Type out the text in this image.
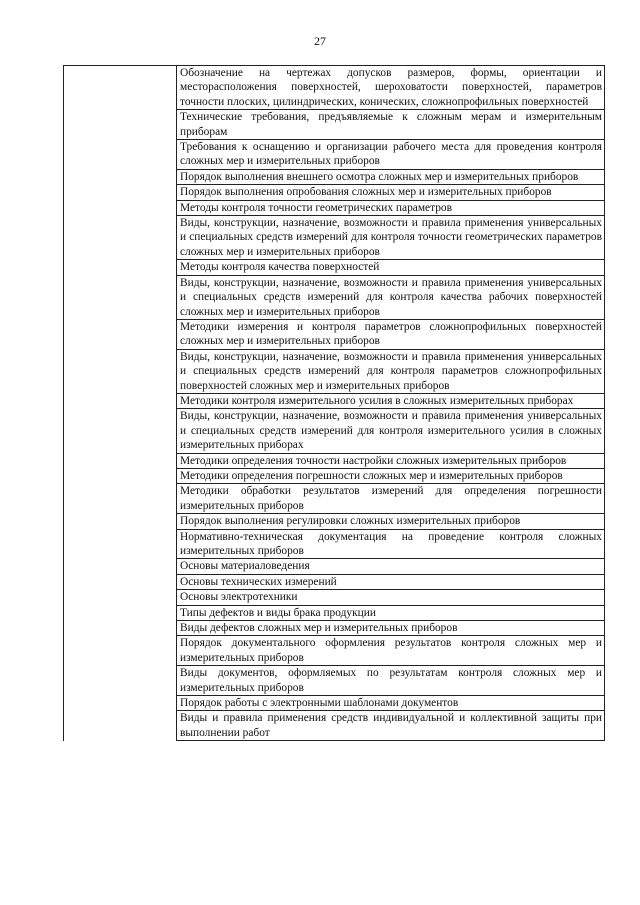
27
	Обозначение на чертежах допусков размеров, формы, ориентации и месторасположения поверхностей, шероховатости поверхностей, параметров точности плоских, цилиндрических, конических, сложнопрофильных поверхностей
Технические требования, предъявляемые к сложным мерам и измерительным приборам
Требования к оснащению и организации рабочего места для проведения контроля сложных мер и измерительных приборов
Порядок выполнения внешнего осмотра сложных мер и измерительных приборов
Порядок выполнения опробования сложных мер и измерительных приборов
Методы контроля точности геометрических параметров
Виды, конструкции, назначение, возможности и правила применения универсальных и специальных средств измерений для контроля точности геометрических параметров сложных мер и измерительных приборов
Методы контроля качества поверхностей
Виды, конструкции, назначение, возможности и правила применения универсальных и специальных средств измерений для контроля качества рабочих поверхностей сложных мер и измерительных приборов
Методики измерения и контроля параметров сложнопрофильных поверхностей сложных мер и измерительных приборов
Виды, конструкции, назначение, возможности и правила применения универсальных и специальных средств измерений для контроля параметров сложнопрофильных поверхностей сложных мер и измерительных приборов
Методики контроля измерительного усилия в сложных измерительных приборах
Виды, конструкции, назначение, возможности и правила применения универсальных и специальных средств измерений для контроля измерительного усилия в сложных измерительных приборах
Методики определения точности настройки сложных измерительных приборов
Методики определения погрешности сложных мер и измерительных приборов
Методики обработки результатов измерений для определения погрешности измерительных приборов
Порядок выполнения регулировки сложных измерительных приборов
Нормативно-техническая документация на проведение контроля сложных измерительных приборов
Основы материаловедения
Основы технических измерений
Основы электротехники
Типы дефектов и виды брака продукции
Виды дефектов сложных мер и измерительных приборов
Порядок документального оформления результатов контроля сложных мер и измерительных приборов
Виды документов, оформляемых по результатам контроля сложных мер и измерительных приборов
Порядок работы с электронными шаблонами документов
Виды и правила применения средств индивидуальной и коллективной защиты при выполнении работ
